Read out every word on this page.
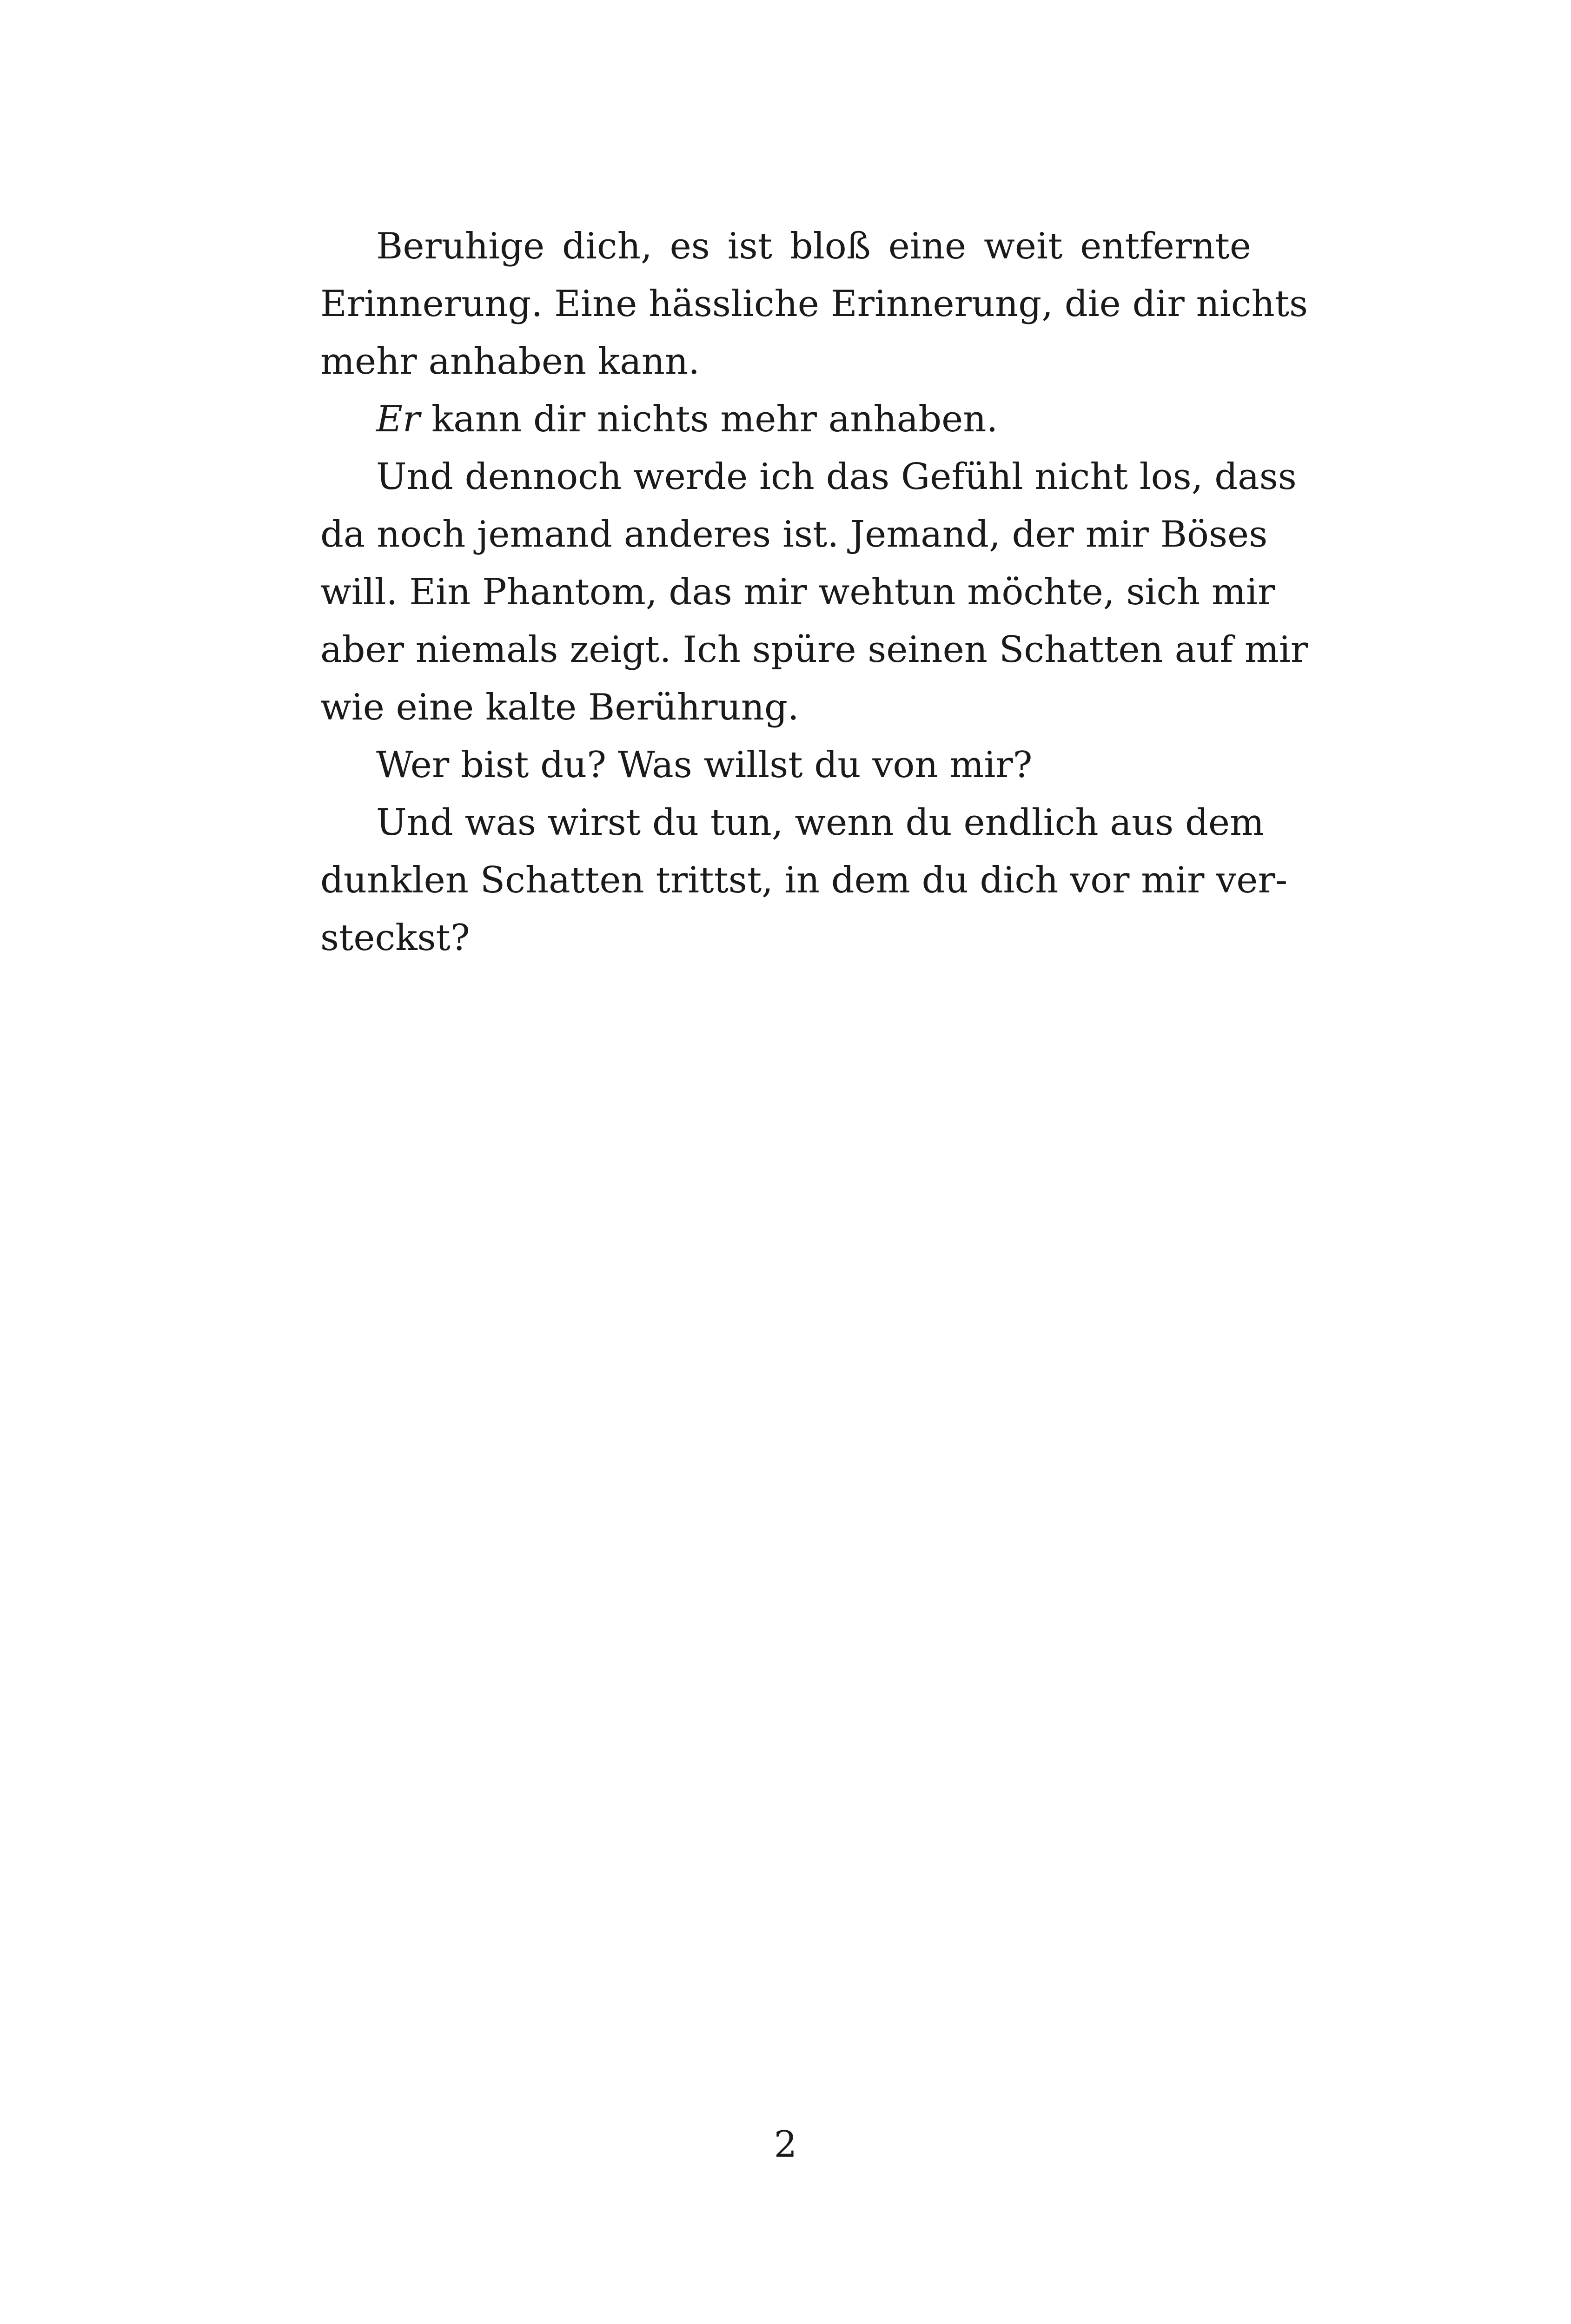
Beruhige dich, es ist bloß eine weit entfernte
Erinnerung. Eine hässliche Erinnerung, die dir nichts
mehr anhaben kann.
Er kann dir nichts mehr anhaben.
Und dennoch werde ich das Gefühl nicht los, dass
da noch jemand anderes ist. Jemand, der mir Böses
will. Ein Phantom, das mir wehtun möchte, sich mir
aber niemals zeigt. Ich spüre seinen Schatten auf mir
wie eine kalte Berührung.
Wer bist du? Was willst du von mir?
Und was wirst du tun, wenn du endlich aus dem
dunklen Schatten trittst, in dem du dich vor mir ver-
steckst?
2
